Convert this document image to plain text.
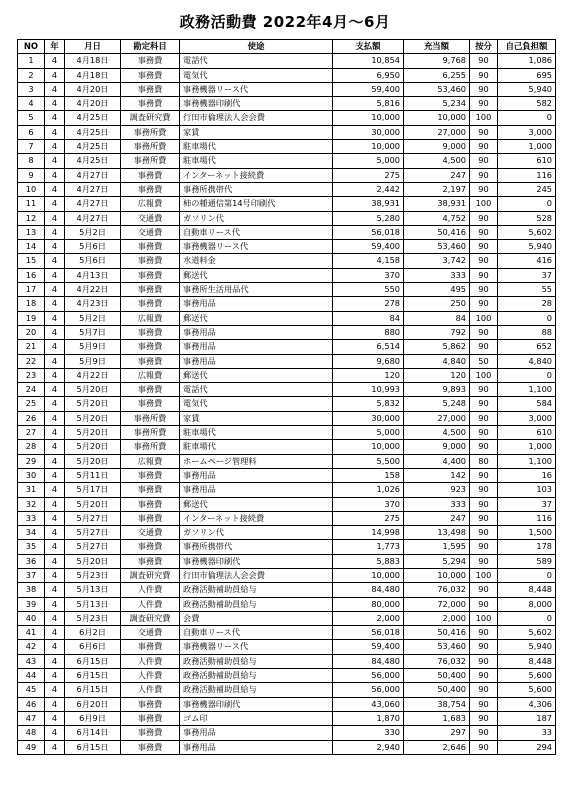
政務活動費 2022年4月～6月
NO	年	月日	勘定科目	使途	支払額	充当額	按分	自己負担額
1	4	4月18日	事務費	電話代	10,854	9,768	90	1,086
2	4	4月18日	事務費	電気代	6,950	6,255	90	695
3	4	4月20日	事務費	事務機器リース代	59,400	53,460	90	5,940
4	4	4月20日	事務費	事務機器印刷代	5,816	5,234	90	582
5	4	4月25日	調査研究費	行田市倫理法人会会費	10,000	10,000	100	0
6	4	4月25日	事務所費	家賃	30,000	27,000	90	3,000
7	4	4月25日	事務所費	駐車場代	10,000	9,000	90	1,000
8	4	4月25日	事務所費	駐車場代	5,000	4,500	90	610
9	4	4月27日	事務費	インターネット接続費	275	247	90	116
10	4	4月27日	事務費	事務所携帯代	2,442	2,197	90	245
11	4	4月27日	広報費	柿の種通信第14号印刷代	38,931	38,931	100	0
12	4	4月27日	交通費	ガソリン代	5,280	4,752	90	528
13	4	5月2日	交通費	自動車リース代	56,018	50,416	90	5,602
14	4	5月6日	事務費	事務機器リース代	59,400	53,460	90	5,940
15	4	5月6日	事務費	水道料金	4,158	3,742	90	416
16	4	4月13日	事務費	郵送代	370	333	90	37
17	4	4月22日	事務費	事務所生活用品代	550	495	90	55
18	4	4月23日	事務費	事務用品	278	250	90	28
19	4	5月2日	広報費	郵送代	84	84	100	0
20	4	5月7日	事務費	事務用品	880	792	90	88
21	4	5月9日	事務費	事務用品	6,514	5,862	90	652
22	4	5月9日	事務費	事務用品	9,680	4,840	50	4,840
23	4	4月22日	広報費	郵送代	120	120	100	0
24	4	5月20日	事務費	電話代	10,993	9,893	90	1,100
25	4	5月20日	事務費	電気代	5,832	5,248	90	584
26	4	5月20日	事務所費	家賃	30,000	27,000	90	3,000
27	4	5月20日	事務所費	駐車場代	5,000	4,500	90	610
28	4	5月20日	事務所費	駐車場代	10,000	9,000	90	1,000
29	4	5月20日	広報費	ホームページ管理料	5,500	4,400	80	1,100
30	4	5月11日	事務費	事務用品	158	142	90	16
31	4	5月17日	事務費	事務用品	1,026	923	90	103
32	4	5月20日	事務費	郵送代	370	333	90	37
33	4	5月27日	事務費	インターネット接続費	275	247	90	116
34	4	5月27日	交通費	ガソリン代	14,998	13,498	90	1,500
35	4	5月27日	事務費	事務所携帯代	1,773	1,595	90	178
36	4	5月20日	事務費	事務機器印刷代	5,883	5,294	90	589
37	4	5月23日	調査研究費	行田市倫理法人会会費	10,000	10,000	100	0
38	4	5月13日	人件費	政務活動補助員給与	84,480	76,032	90	8,448
39	4	5月13日	人件費	政務活動補助員給与	80,000	72,000	90	8,000
40	4	5月23日	調査研究費	会費	2,000	2,000	100	0
41	4	6月2日	交通費	自動車リース代	56,018	50,416	90	5,602
42	4	6月6日	事務費	事務機器リース代	59,400	53,460	90	5,940
43	4	6月15日	人件費	政務活動補助員給与	84,480	76,032	90	8,448
44	4	6月15日	人件費	政務活動補助員給与	56,000	50,400	90	5,600
45	4	6月15日	人件費	政務活動補助員給与	56,000	50,400	90	5,600
46	4	6月20日	事務費	事務機器印刷代	43,060	38,754	90	4,306
47	4	6月9日	事務費	ゴム印	1,870	1,683	90	187
48	4	6月14日	事務費	事務用品	330	297	90	33
49	4	6月15日	事務費	事務用品	2,940	2,646	90	294
